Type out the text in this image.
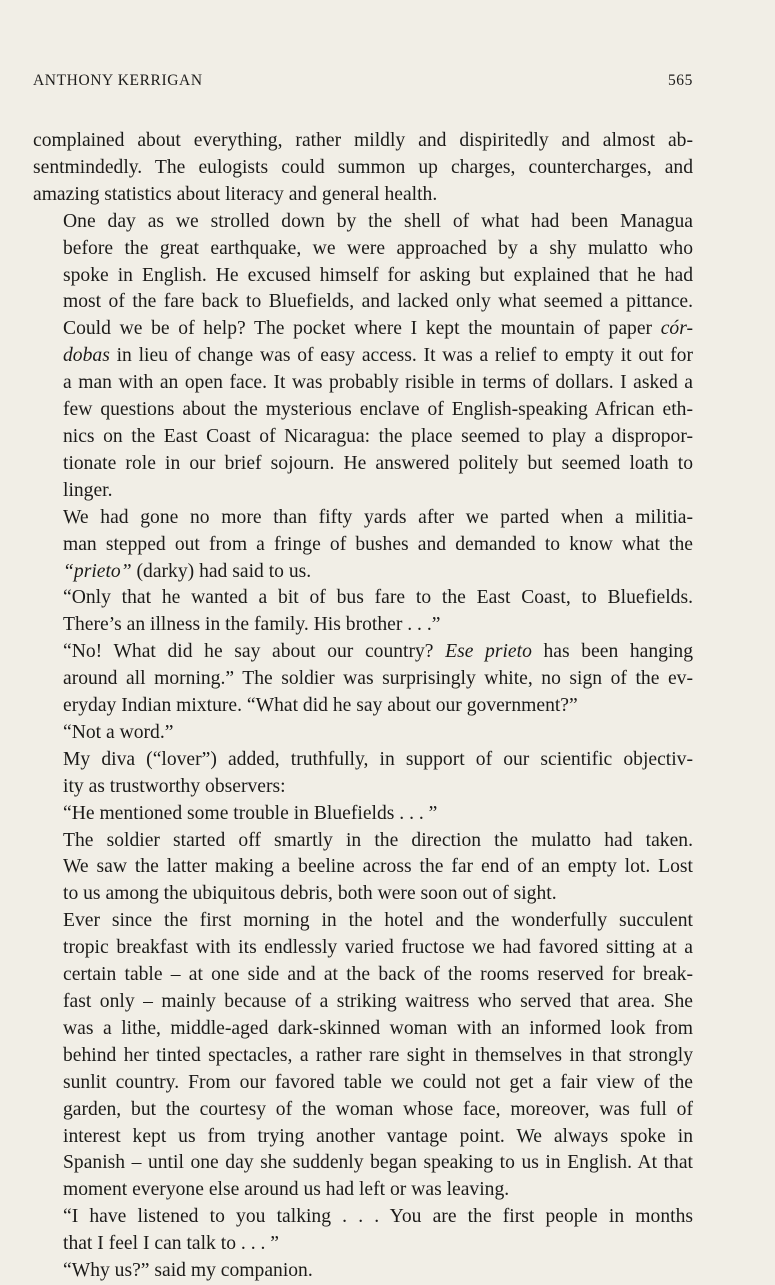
ANTHONY KERRIGAN	565

complained about everything, rather mildly and dispiritedly and almost ab-
sentmindedly. The eulogists could summon up charges, countercharges, and
amazing statistics about literacy and general health.

One day as we strolled down by the shell of what had been Managua
before the great earthquake, we were approached by a shy mulatto who
spoke in English. He excused himself for asking but explained that he had
most of the fare back to Bluefields, and lacked only what seemed a pittance.
Could we be of help? The pocket where I kept the mountain of paper cór-
dobas in lieu of change was of easy access. It was a relief to empty it out for
a man with an open face. It was probably risible in terms of dollars. I asked a
few questions about the mysterious enclave of English-speaking African eth-
nics on the East Coast of Nicaragua: the place seemed to play a dispropor-
tionate role in our brief sojourn. He answered politely but seemed loath to
linger.

We had gone no more than fifty yards after we parted when a militia-
man stepped out from a fringe of bushes and demanded to know what the
“prieto” (darky) had said to us.

“Only that he wanted a bit of bus fare to the East Coast, to Bluefields.
There’s an illness in the family. His brother . . .”

“No! What did he say about our country? Ese prieto has been hanging
around all morning.” The soldier was surprisingly white, no sign of the ev-
eryday Indian mixture. “What did he say about our government?”

“Not a word.”

My diva (“lover”) added, truthfully, in support of our scientific objectiv-
ity as trustworthy observers:

“He mentioned some trouble in Bluefields . . . ”

The soldier started off smartly in the direction the mulatto had taken.
We saw the latter making a beeline across the far end of an empty lot. Lost
to us among the ubiquitous debris, both were soon out of sight.

Ever since the first morning in the hotel and the wonderfully succulent
tropic breakfast with its endlessly varied fructose we had favored sitting at a
certain table – at one side and at the back of the rooms reserved for break-
fast only – mainly because of a striking waitress who served that area. She
was a lithe, middle-aged dark-skinned woman with an informed look from
behind her tinted spectacles, a rather rare sight in themselves in that strongly
sunlit country. From our favored table we could not get a fair view of the
garden, but the courtesy of the woman whose face, moreover, was full of
interest kept us from trying another vantage point. We always spoke in
Spanish – until one day she suddenly began speaking to us in English. At that
moment everyone else around us had left or was leaving.

“I have listened to you talking . . . You are the first people in months
that I feel I can talk to . . . ”

“Why us?” said my companion.
